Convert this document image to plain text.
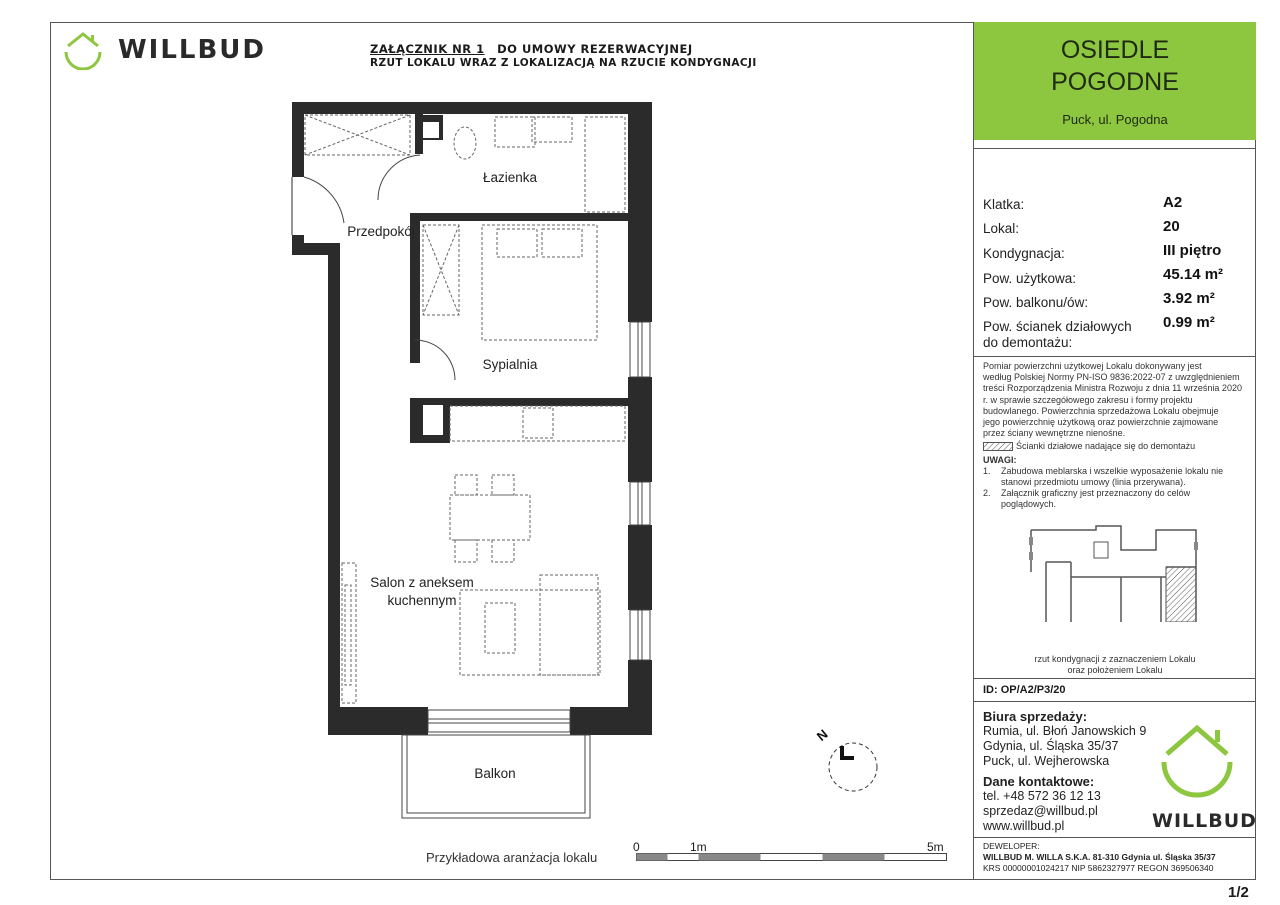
WILLBUD	ZAŁĄCZNIK NR 1 DO UMOWY REZERWACYJNEJ
RZUT LOKALU WRAZ Z LOKALIZACJĄ NA RZUCIE KONDYGNACJI
Łazienka
Przedpokój
Sypialnia
Salon z aneksem
kuchennym
Balkon
N
0	1m	5m
Przykładowa aranżacja lokalu
OSIEDLE
POGODNE
Puck, ul. Pogodna
Klatka:	A2
Lokal:	20
Kondygnacja:	III piętro
Pow. użytkowa:	45.14 m²
Pow. balkonu/ów:	3.92 m²
Pow. ścianek działowych
do demontażu:
0.99 m²
Pomiar powierzchni użytkowej Lokalu dokonywany jest
według Polskiej Normy PN-ISO 9836:2022-07 z uwzględnieniem
treści Rozporządzenia Ministra Rozwoju z dnia 11 września 2020
r. w sprawie szczegółowego zakresu i formy projektu
budowlanego. Powierzchnia sprzedażowa Lokalu obejmuje
jego powierzchnię użytkową oraz powierzchnie zajmowane
przez ściany wewnętrzne nienośne.
Ścianki działowe nadające się do demontażu
UWAGI:
1. Zabudowa meblarska i wszelkie wyposażenie lokalu nie
stanowi przedmiotu umowy (linia przerywana).
2. Załącznik graficzny jest przeznaczony do celów
poglądowych.
rzut kondygnacji z zaznaczeniem Lokalu
oraz położeniem Lokalu
ID: OP/A2/P3/20
Biura sprzedaży:
Rumia, ul. Błoń Janowskich 9
Gdynia, ul. Śląska 35/37
Puck, ul. Wejherowska
Dane kontaktowe:
tel. +48 572 36 12 13
sprzedaz@willbud.pl
www.willbud.pl	WILLBUD
DEWELOPER:
WILLBUD M. WILLA S.K.A. 81-310 Gdynia ul. Śląska 35/37
KRS 00000001024217 NIP 5862327977 REGON 369506340
1/2
